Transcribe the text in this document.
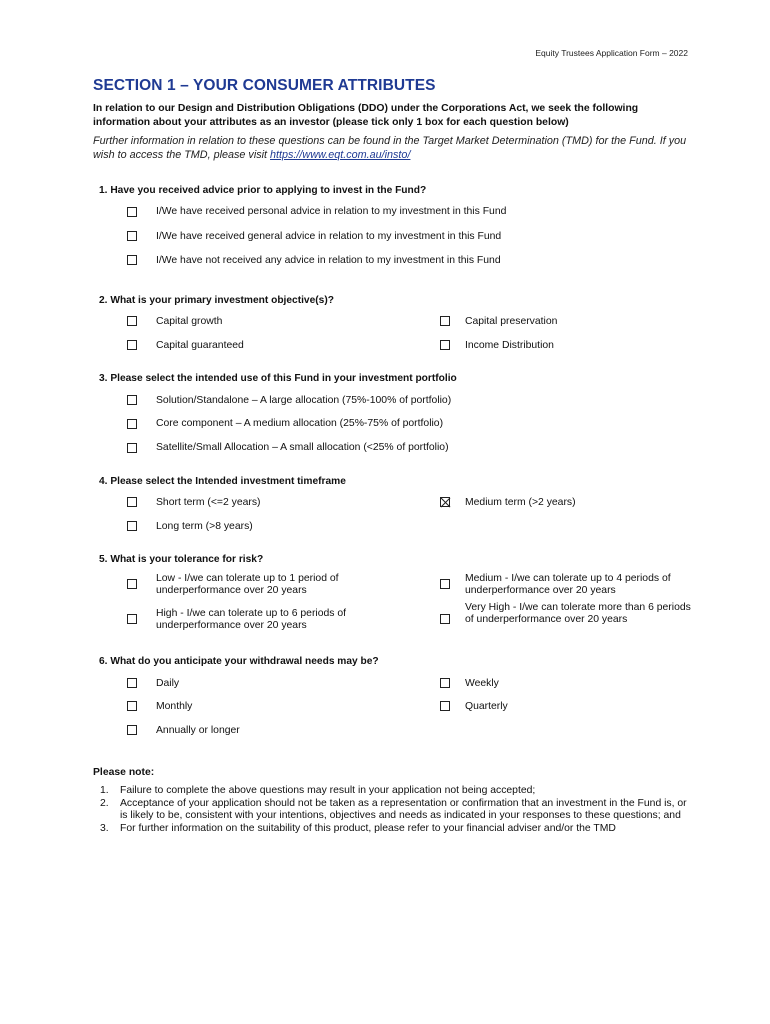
Equity Trustees Application Form – 2022
SECTION 1 – YOUR CONSUMER ATTRIBUTES
In relation to our Design and Distribution Obligations (DDO) under the Corporations Act, we seek the following information about your attributes as an investor (please tick only 1 box for each question below)
Further information in relation to these questions can be found in the Target Market Determination (TMD) for the Fund. If you wish to access the TMD, please visit https://www.eqt.com.au/insto/
1. Have you received advice prior to applying to invest in the Fund?
I/We have received personal advice in relation to my investment in this Fund
I/We have received general advice in relation to my investment in this Fund
I/We have not received any advice in relation to my investment in this Fund
2. What is your primary investment objective(s)?
Capital growth	Capital preservation
Capital guaranteed	Income Distribution
3. Please select the intended use of this Fund in your investment portfolio
Solution/Standalone – A large allocation (75%-100% of portfolio)
Core component – A medium allocation (25%-75% of portfolio)
Satellite/Small Allocation – A small allocation (<25% of portfolio)
4. Please select the Intended investment timeframe
Short term (<=2 years)	Medium term (>2 years)
Long term (>8 years)
5. What is your tolerance for risk?
Low - I/we can tolerate up to 1 period of underperformance over 20 years
Medium - I/we can tolerate up to 4 periods of underperformance over 20 years
High - I/we can tolerate up to 6 periods of underperformance over 20 years
Very High - I/we can tolerate more than 6 periods of underperformance over 20 years
6. What do you anticipate your withdrawal needs may be?
Daily	Weekly
Monthly	Quarterly
Annually or longer
Please note:
1.	Failure to complete the above questions may result in your application not being accepted;
2.	Acceptance of your application should not be taken as a representation or confirmation that an investment in the Fund is, or is likely to be, consistent with your intentions, objectives and needs as indicated in your responses to these questions; and
3.	For further information on the suitability of this product, please refer to your financial adviser and/or the TMD
